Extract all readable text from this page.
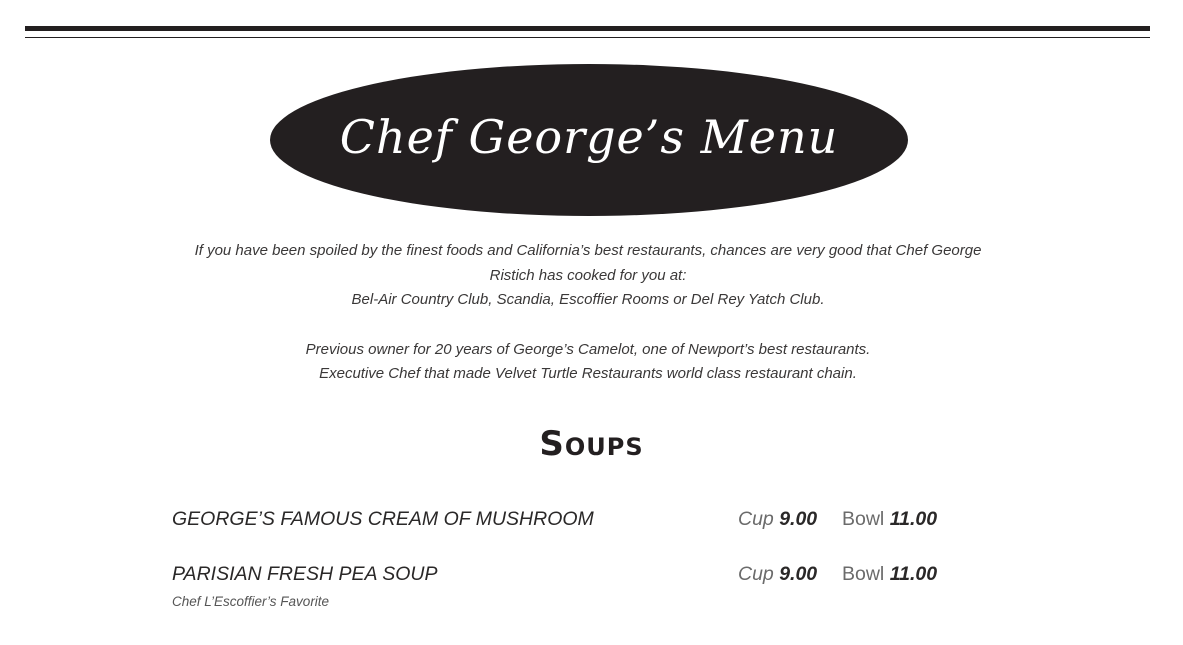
Chef George’s Menu

If you have been spoiled by the finest foods and California’s best restaurants, chances are very good that Chef George

Ristich has cooked for you at:

Bel-Air Country Club, Scandia, Escoffier Rooms or Del Rey Yatch Club.

Previous owner for 20 years of George’s Camelot, one of Newport’s best restaurants.

Executive Chef that made Velvet Turtle Restaurants world class restaurant chain.

Soups
GEORGE’S FAMOUS CREAM OF MUSHROOM	Cup 9.00 Bowl 11.00
PARISIAN FRESH PEA SOUP
Chef L’Escoffier’s Favorite
Cup 9.00 Bowl 11.00
